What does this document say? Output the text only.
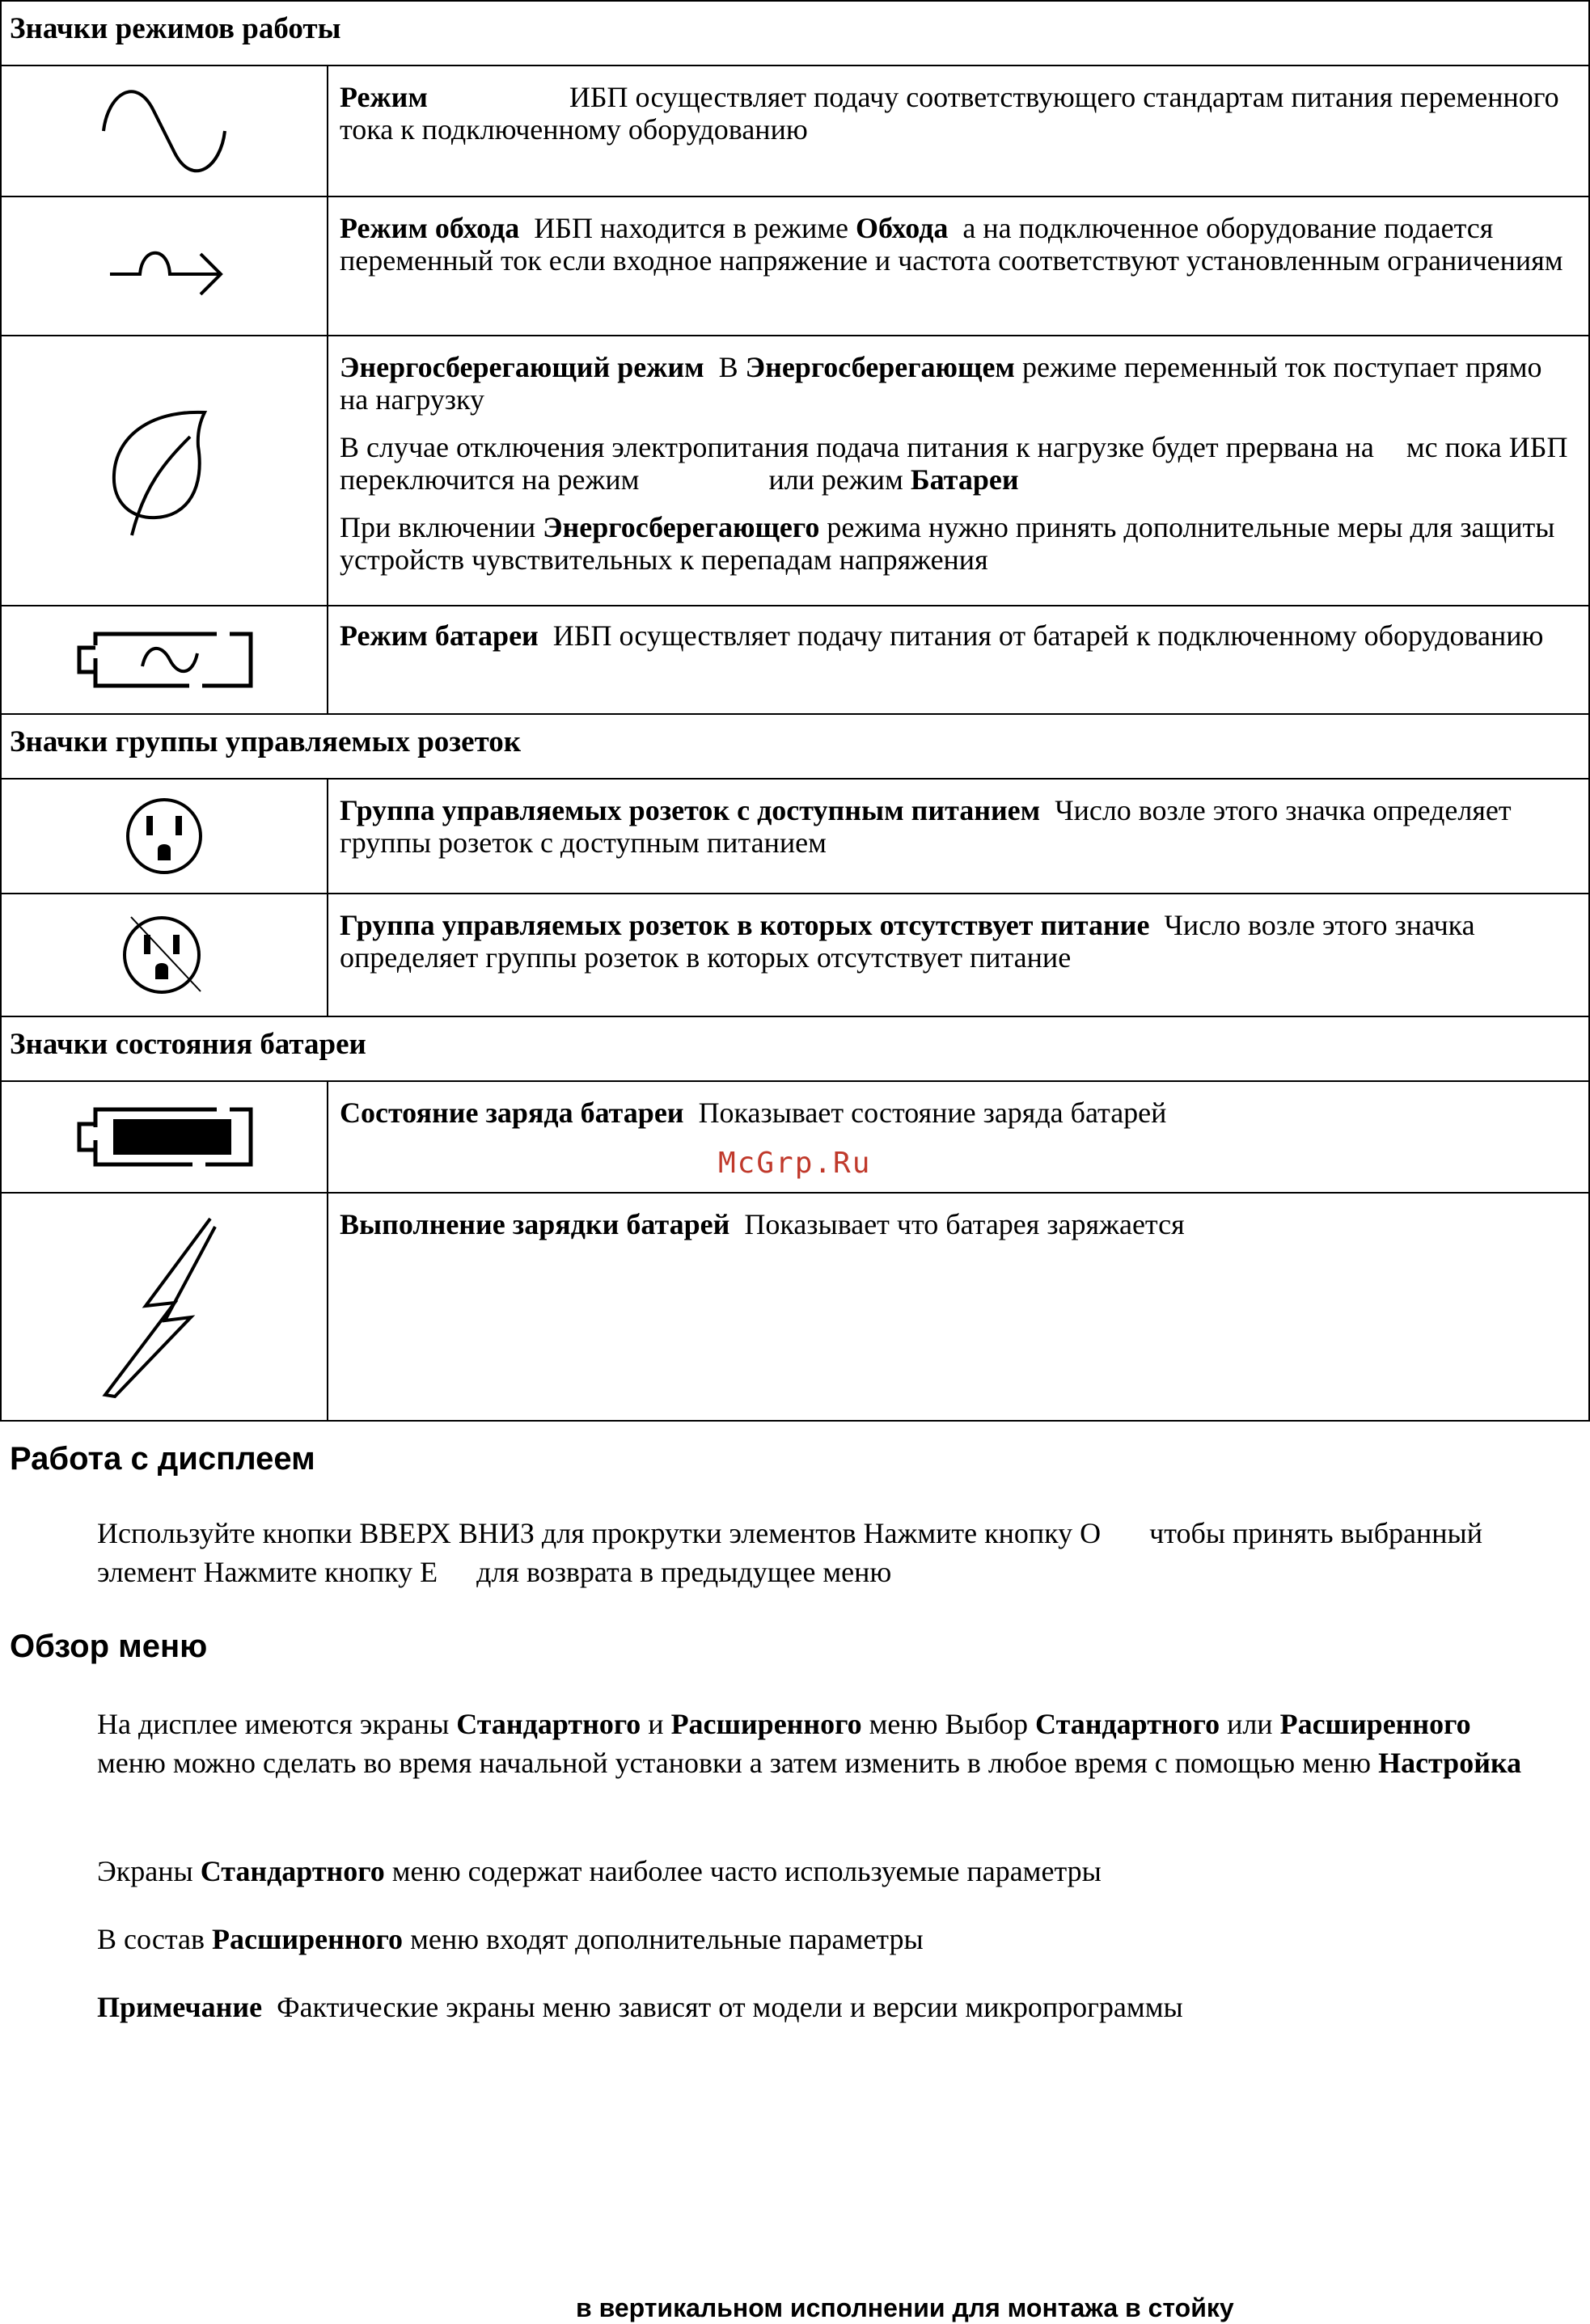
Значки режимов работы	

	Режим ИБП осуществляет подачу соответствующего стандартам питания переменного тока к подключенному оборудованию

	Режим обхода ИБП находится в режиме Обхода а на подключенное оборудование подается переменный ток если входное напряжение и частота соответствуют установленным ограничениям

Энергосберегающий режим В Энергосберегающем режиме переменный ток поступает прямо на нагрузку

В случае отключения электропитания подача питания к нагрузке будет прервана на мс пока ИБП переключится на режим или режим Батареи

При включении Энергосберегающего режима нужно принять дополнительные меры для защиты устройств чувствительных к перепадам напряжения

	Режим батареи ИБП осуществляет подачу питания от батарей к подключенному оборудованию
Значки группы управляемых розеток	

	Группа управляемых розеток с доступным питанием Число возле этого значка определяет группы розеток с доступным питанием

	Группа управляемых розеток в которых отсутствует питание Число возле этого значка определяет группы розеток в которых отсутствует питание
Значки состояния батареи	

	Состояние заряда батареи Показывает состояние заряда батарей

	Выполнение зарядки батарей Показывает что батарея заряжается
McGrp.Ru
Работа с дисплеем

Используйте кнопки ВВЕРХ ВНИЗ для прокрутки элементов Нажмите кнопку О чтобы принять выбранный элемент Нажмите кнопку Е для возврата в предыдущее меню

Обзор меню

На дисплее имеются экраны Стандартного и Расширенного меню Выбор Стандартного или Расширенного меню можно сделать во время начальной установки а затем изменить в любое время с помощью меню Настройка

Экраны Стандартного меню содержат наиболее часто используемые параметры

В состав Расширенного меню входят дополнительные параметры

Примечание Фактические экраны меню зависят от модели и версии микропрограммы

в вертикальном исполнении для монтажа в стойку
